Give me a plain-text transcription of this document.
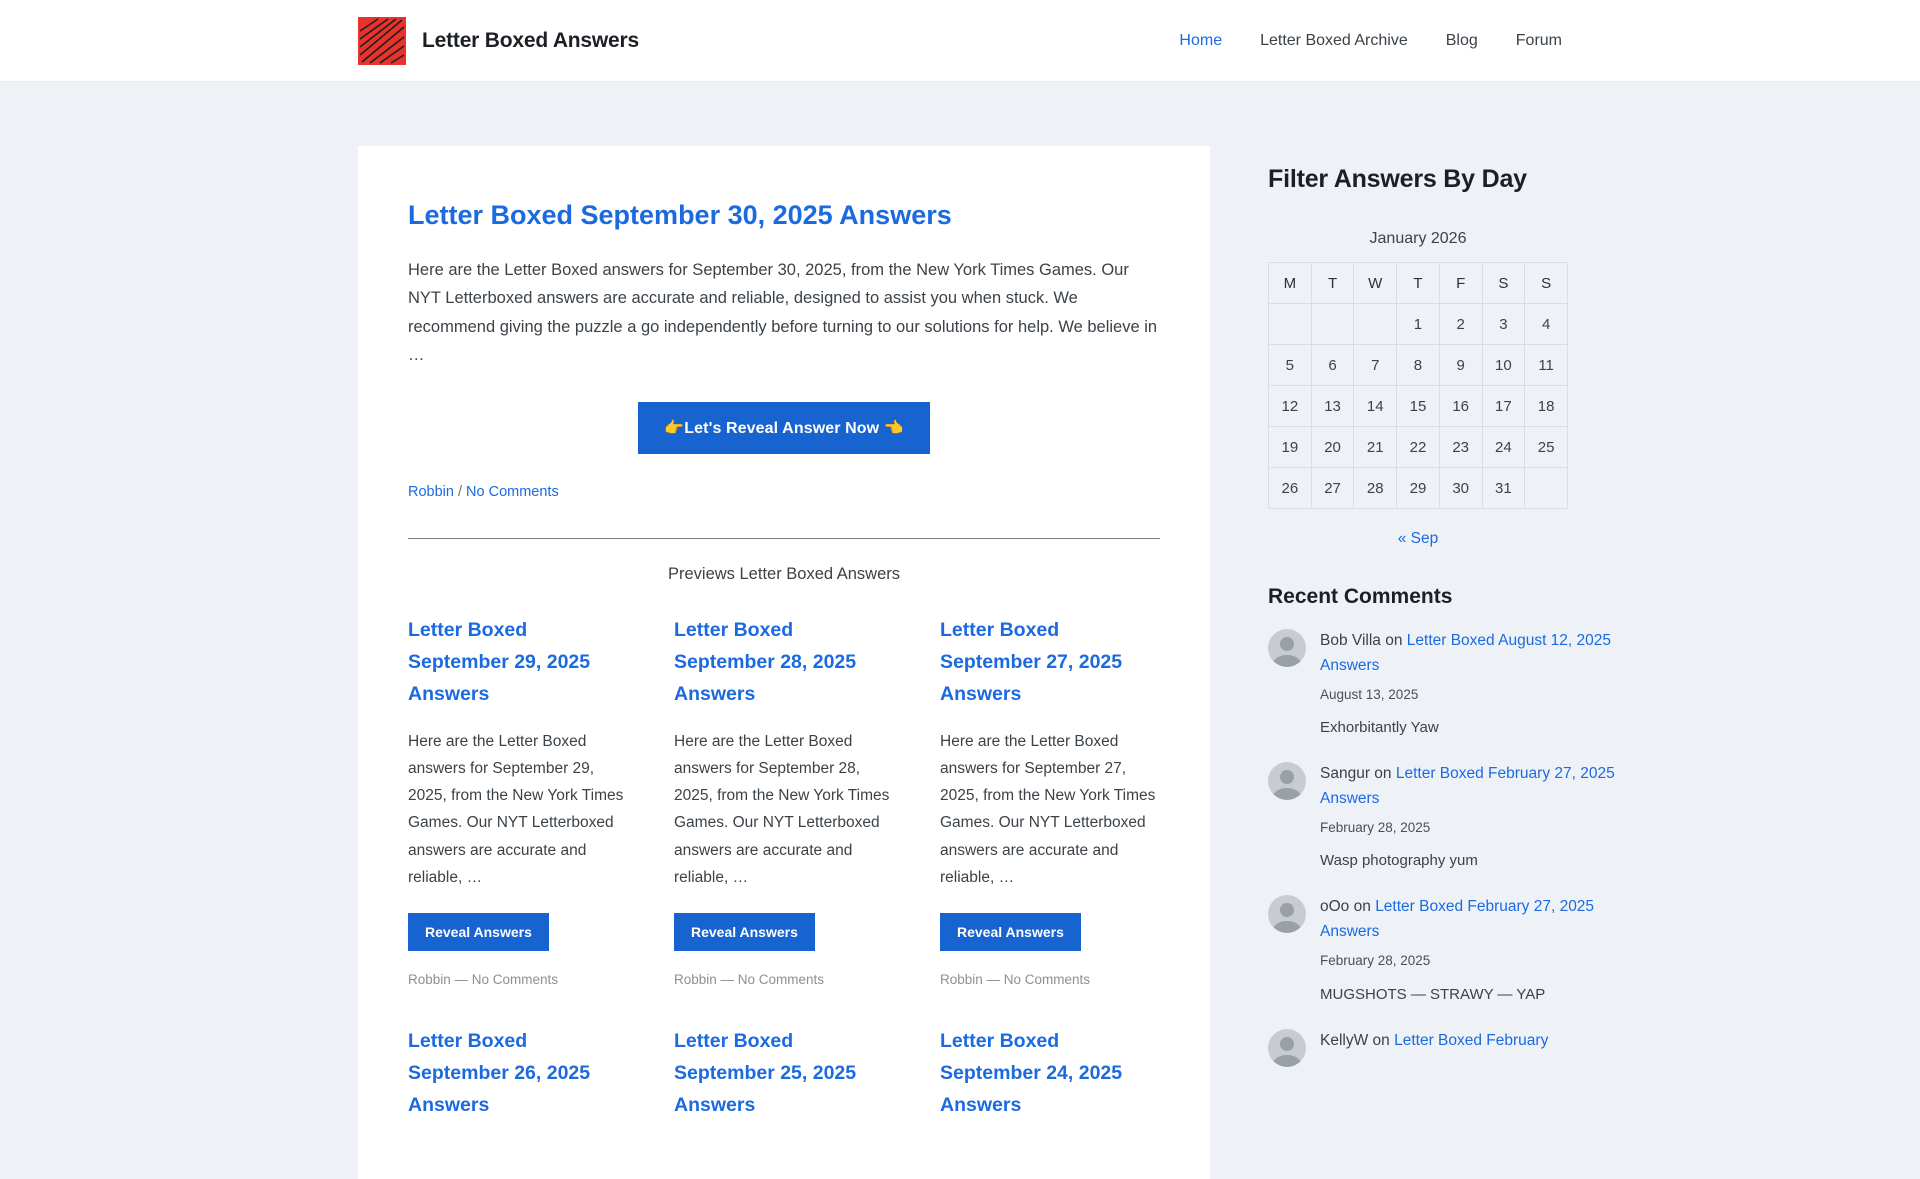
Letter Boxed Answers	Home Letter Boxed Archive Blog Forum
Letter Boxed September 30, 2025 Answers

Here are the Letter Boxed answers for September 30, 2025, from the New York Times Games. Our NYT Letterboxed answers are accurate and reliable, designed to assist you when stuck. We recommend giving the puzzle a go independently before turning to our solutions for help. We believe in …

👉Let's Reveal Answer Now 👈
Robbin / No Comments
Previews Letter Boxed Answers
Letter Boxed September 29, 2025 Answers

Here are the Letter Boxed answers for September 29, 2025, from the New York Times Games. Our NYT Letterboxed answers are accurate and reliable, …

Reveal Answers
Robbin — No Comments
Letter Boxed September 28, 2025 Answers

Here are the Letter Boxed answers for September 28, 2025, from the New York Times Games. Our NYT Letterboxed answers are accurate and reliable, …

Reveal Answers
Robbin — No Comments
Letter Boxed September 27, 2025 Answers

Here are the Letter Boxed answers for September 27, 2025, from the New York Times Games. Our NYT Letterboxed answers are accurate and reliable, …

Reveal Answers
Robbin — No Comments
Letter Boxed September 26, 2025 Answers
Letter Boxed September 25, 2025 Answers
Letter Boxed September 24, 2025 Answers
Filter Answers By Day
January 2026
M	T	W	T	F	S	S
			1	2	3	4
5	6	7	8	9	10	11
12	13	14	15	16	17	18
19	20	21	22	23	24	25
26	27	28	29	30	31	
« Sep
Recent Comments
Bob Villa on Letter Boxed August 12, 2025 Answers
August 13, 2025
Exhorbitantly Yaw
Sangur on Letter Boxed February 27, 2025 Answers
February 28, 2025
Wasp photography yum
oOo on Letter Boxed February 27, 2025 Answers
February 28, 2025
MUGSHOTS — STRAWY — YAP
KellyW on Letter Boxed February
